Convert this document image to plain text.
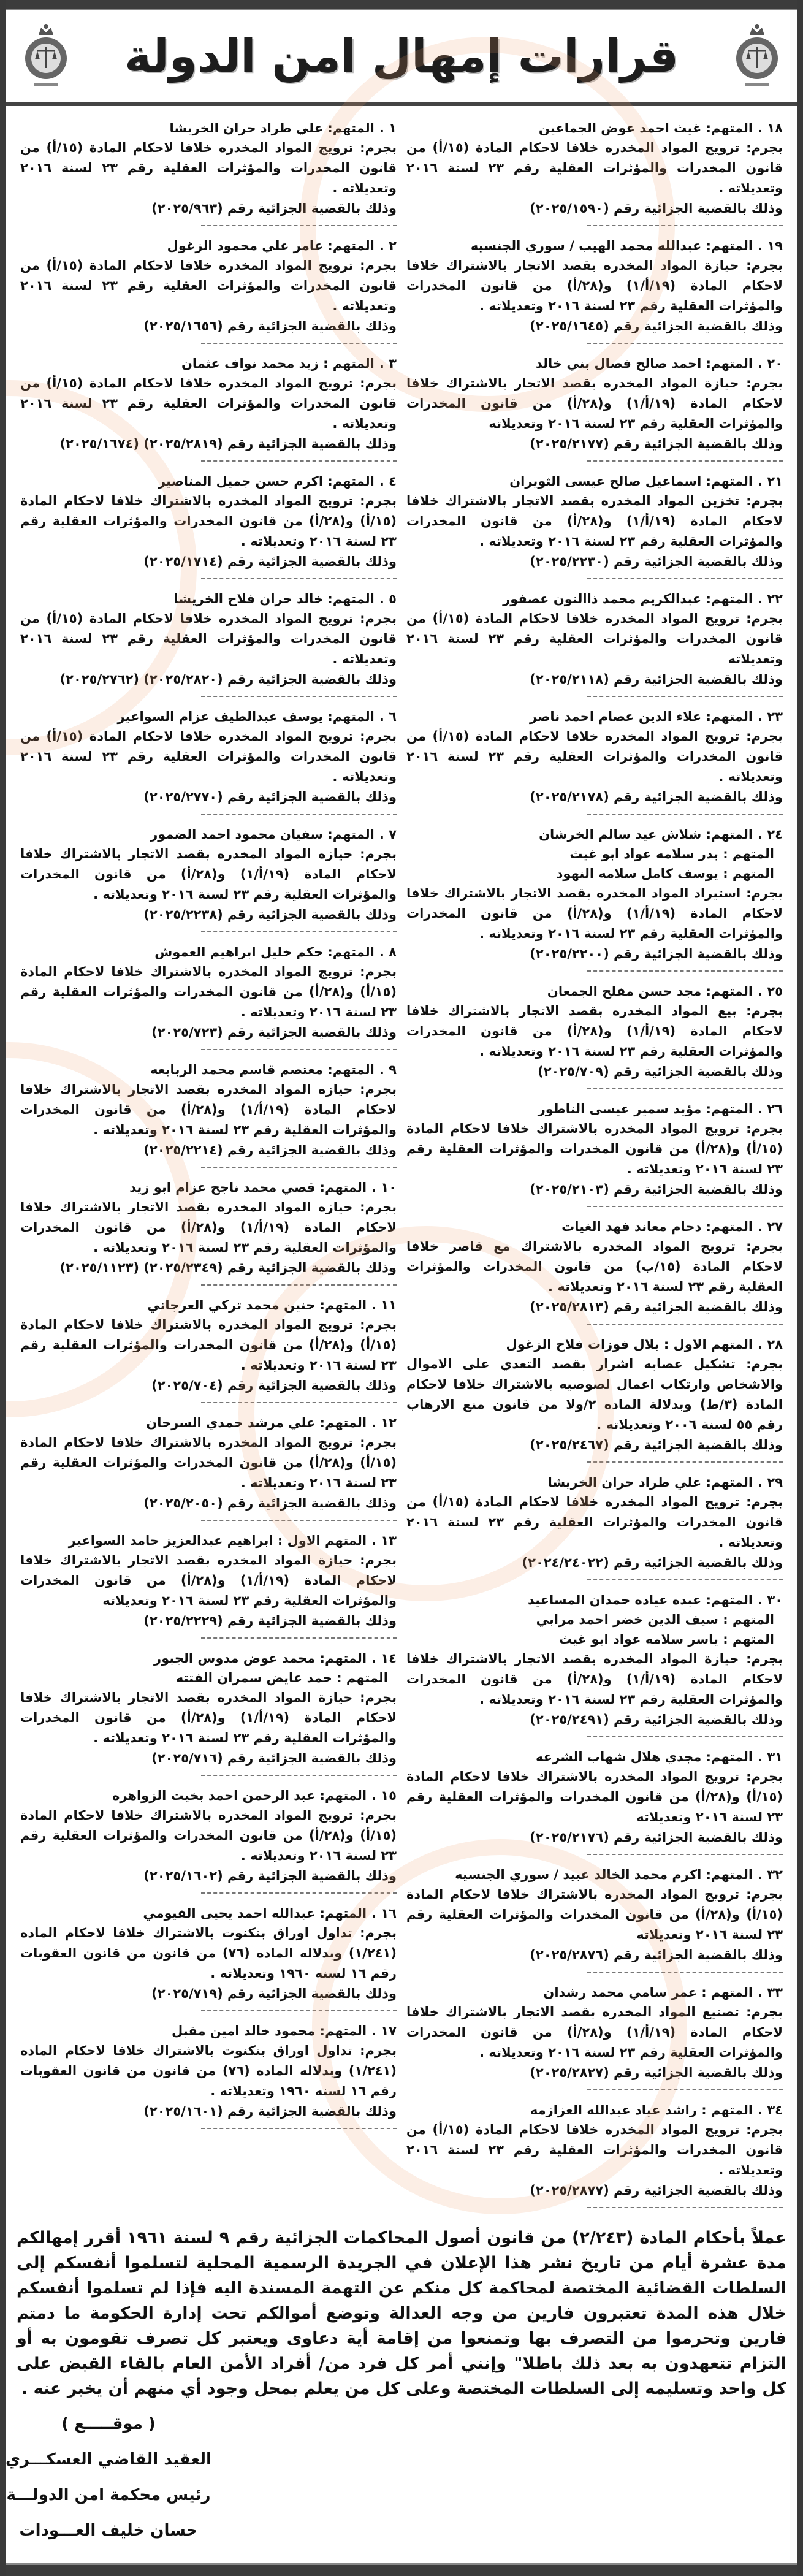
قرارات إمهال امن الدولة
١ .المتهم: علي طراد حران الخريشا
بجرم: ترويج المواد المخدره خلافا لاحكام المادة (١٥/أ) من قانون المخدرات والمؤثرات العقلية رقم ٢٣ لسنة ٢٠١٦ وتعديلاته .
وذلك بالقضية الجزائية رقم (٢٠٢٥/٩٦٣)
٢ .المتهم: عامر علي محمود الزغول
بجرم: ترويج المواد المخدره خلافا لاحكام المادة (١٥/أ) من قانون المخدرات والمؤثرات العقلية رقم ٢٣ لسنة ٢٠١٦ وتعديلاته .
وذلك بالقضية الجزائية رقم (٢٠٢٥/١٦٥٦)
٣ .المتهم : زيد محمد نواف عثمان
بجرم: ترويج المواد المخدره خلافا لاحكام المادة (١٥/أ) من قانون المخدرات والمؤثرات العقلية رقم ٢٣ لسنة ٢٠١٦ وتعديلاته .
وذلك بالقضية الجزائية رقم (٢٠٢٥/٢٨١٩) (٢٠٢٥/١٦٧٤)
٤ .المتهم: اكرم حسن جميل المناصير
بجرم: ترويج المواد المخدره بالاشتراك خلافا لاحكام المادة (١٥/أ) و(٢٨/أ) من قانون المخدرات والمؤثرات العقلية رقم ٢٣ لسنة ٢٠١٦ وتعديلاته .
وذلك بالقضية الجزائية رقم (٢٠٢٥/١٧١٤)
٥ .المتهم: خالد حران فلاح الخريشا
بجرم: ترويج المواد المخدره خلافا لاحكام المادة (١٥/أ) من قانون المخدرات والمؤثرات العقلية رقم ٢٣ لسنة ٢٠١٦ وتعديلاته .
وذلك بالقضية الجزائية رقم (٢٠٢٥/٢٨٢٠) (٢٠٢٥/٢٧٦٢)
٦ .المتهم: يوسف عبدالطيف عزام السواعير
بجرم: ترويج المواد المخدره خلافا لاحكام المادة (١٥/أ) من قانون المخدرات والمؤثرات العقلية رقم ٢٣ لسنة ٢٠١٦ وتعديلاته .
وذلك بالقضية الجزائية رقم (٢٠٢٥/٢٧٧٠)
٧ .المتهم: سفيان محمود احمد الضمور
بجرم: حيازه المواد المخدره بقصد الاتجار بالاشتراك خلافا لاحكام المادة (١٩/أ/١) و(٢٨/أ) من قانون المخدرات والمؤثرات العقلية رقم ٢٣ لسنة ٢٠١٦ وتعديلاته .
وذلك بالقضية الجزائية رقم (٢٠٢٥/٢٢٣٨)
٨ .المتهم: حكم خليل ابراهيم العموش
بجرم: ترويج المواد المخدره بالاشتراك خلافا لاحكام المادة (١٥/أ) و(٢٨/أ) من قانون المخدرات والمؤثرات العقلية رقم ٢٣ لسنة ٢٠١٦ وتعديلاته .
وذلك بالقضية الجزائية رقم (٢٠٢٥/٧٢٣)
٩ .المتهم: معتصم قاسم محمد الربابعه
بجرم: حيازه المواد المخدره بقصد الاتجار بالاشتراك خلافا لاحكام المادة (١٩/أ/١) و(٢٨/أ) من قانون المخدرات والمؤثرات العقلية رقم ٢٣ لسنة ٢٠١٦ وتعديلاته .
وذلك بالقضية الجزائية رقم (٢٠٢٥/٢٢١٤)
١٠ .المتهم: قصي محمد ناجح عزام ابو زيد
بجرم: حيازه المواد المخدره بقصد الاتجار بالاشتراك خلافا لاحكام المادة (١٩/أ/١) و(٢٨/أ) من قانون المخدرات والمؤثرات العقلية رقم ٢٣ لسنة ٢٠١٦ وتعديلاته .
وذلك بالقضية الجزائية رقم (٢٠٢٥/٢٣٤٩) (٢٠٢٥/١١٢٣)
١١ .المتهم: حنين محمد تركي العرجاني
بجرم: ترويج المواد المخدره بالاشتراك خلافا لاحكام المادة (١٥/أ) و(٢٨/أ) من قانون المخدرات والمؤثرات العقلية رقم ٢٣ لسنة ٢٠١٦ وتعديلاته .
وذلك بالقضية الجزائية رقم (٢٠٢٥/٧٠٤)
١٢ .المتهم: علي مرشد حمدي السرحان
بجرم: ترويج المواد المخدره بالاشتراك خلافا لاحكام المادة (١٥/أ) و(٢٨/أ) من قانون المخدرات والمؤثرات العقلية رقم ٢٣ لسنة ٢٠١٦ وتعديلاته .
وذلك بالقضية الجزائية رقم (٢٠٢٥/٢٠٥٠)
١٣ .المتهم الاول : ابراهيم عبدالعزيز حامد السواعير
بجرم: حيازة المواد المخدره بقصد الاتجار بالاشتراك خلافا لاحكام المادة (١٩/أ/١) و(٢٨/أ) من قانون المخدرات والمؤثرات العقلية رقم ٢٣ لسنة ٢٠١٦ وتعديلاته
وذلك بالقضية الجزائية رقم (٢٠٢٥/٢٢٢٩)
١٤ .المتهم: محمد عوض مدوس الجبور
المتهم : حمد عايض سمران الفتته
بجرم: حيازة المواد المخدره بقصد الاتجار بالاشتراك خلافا لاحكام المادة (١٩/أ/١) و(٢٨/أ) من قانون المخدرات والمؤثرات العقلية رقم ٢٣ لسنة ٢٠١٦ وتعديلاته .
وذلك بالقضية الجزائية رقم (٢٠٢٥/٧١٦)
١٥ .المتهم: عبد الرحمن احمد بخيت الزواهره
بجرم: ترويج المواد المخدره بالاشتراك خلافا لاحكام المادة (١٥/أ) و(٢٨/أ) من قانون المخدرات والمؤثرات العقلية رقم ٢٣ لسنة ٢٠١٦ وتعديلاته .
وذلك بالقضية الجزائية رقم (٢٠٢٥/١٦٠٢)
١٦ .المتهم: عبدالله احمد يحيى الفيومي
بجرم: تداول اوراق بنكنوت بالاشتراك خلافا لاحكام الماده (١/٢٤١) وبدلاله الماده (٧٦) من قانون من قانون العقوبات رقم ١٦ لسنه ١٩٦٠ وتعديلاته .
وذلك بالقضية الجزائية رقم (٢٠٢٥/٧١٩)
١٧ .المتهم: محمود خالد امين مقبل
بجرم: تداول اوراق بنكنوت بالاشتراك خلافا لاحكام الماده (١/٢٤١) وبدلاله الماده (٧٦) من قانون من قانون العقوبات رقم ١٦ لسنه ١٩٦٠ وتعديلاته .
وذلك بالقضية الجزائية رقم (٢٠٢٥/١٦٠١)
١٨ .المتهم: غيث احمد عوض الجماعين
بجرم: ترويج المواد المخدره خلافا لاحكام المادة (١٥/أ) من قانون المخدرات والمؤثرات العقلية رقم ٢٣ لسنة ٢٠١٦ وتعديلاته .
وذلك بالقضية الجزائية رقم (٢٠٢٥/١٥٩٠)
١٩ .المتهم: عبدالله محمد الهيب / سوري الجنسيه
بجرم: حيازة المواد المخدره بقصد الاتجار بالاشتراك خلافا لاحكام المادة (١٩/أ/١) و(٢٨/أ) من قانون المخدرات والمؤثرات العقلية رقم ٢٣ لسنة ٢٠١٦ وتعديلاته .
وذلك بالقضية الجزائية رقم (٢٠٢٥/١٦٤٥)
٢٠ .المتهم: احمد صالح فصال بني خالد
بجرم: حيازة المواد المخدره بقصد الاتجار بالاشتراك خلافا لاحكام المادة (١٩/أ/١) و(٢٨/أ) من قانون المخدرات والمؤثرات العقلية رقم ٢٣ لسنة ٢٠١٦ وتعديلاته
وذلك بالقضية الجزائية رقم (٢٠٢٥/٢١٧٧)
٢١ .المتهم: اسماعيل صالح عيسى الثويران
بجرم: تخزين المواد المخدره بقصد الاتجار بالاشتراك خلافا لاحكام المادة (١٩/أ/١) و(٢٨/أ) من قانون المخدرات والمؤثرات العقلية رقم ٢٣ لسنة ٢٠١٦ وتعديلاته .
وذلك بالقضية الجزائية رقم (٢٠٢٥/٢٢٣٠)
٢٢ .المتهم: عبدالكريم محمد ذاالنون عصفور
بجرم: ترويج المواد المخدره خلافا لاحكام المادة (١٥/أ) من قانون المخدرات والمؤثرات العقلية رقم ٢٣ لسنة ٢٠١٦ وتعديلاته
وذلك بالقضية الجزائية رقم (٢٠٢٥/٢١١٨)
٢٣ .المتهم: علاء الدين عصام احمد ناصر
بجرم: ترويج المواد المخدره خلافا لاحكام المادة (١٥/أ) من قانون المخدرات والمؤثرات العقلية رقم ٢٣ لسنة ٢٠١٦ وتعديلاته .
وذلك بالقضية الجزائية رقم (٢٠٢٥/٢١٧٨)
٢٤ .المتهم: شلاش عيد سالم الخرشان
المتهم : بدر سلامه عواد ابو غيث
المتهم : يوسف كامل سلامه النهود
بجرم: استيراد المواد المخدره بقصد الاتجار بالاشتراك خلافا لاحكام المادة (١٩/أ/١) و(٢٨/أ) من قانون المخدرات والمؤثرات العقلية رقم ٢٣ لسنة ٢٠١٦ وتعديلاته .
وذلك بالقضية الجزائية رقم (٢٠٢٥/٢٢٠٠)
٢٥ .المتهم: مجد حسن مفلح الجمعان
بجرم: بيع المواد المخدره بقصد الاتجار بالاشتراك خلافا لاحكام المادة (١٩/أ/١) و(٢٨/أ) من قانون المخدرات والمؤثرات العقلية رقم ٢٣ لسنة ٢٠١٦ وتعديلاته .
وذلك بالقضية الجزائية رقم (٢٠٢٥/٧٠٩)
٢٦ .المتهم: مؤيد سمير عيسى الناطور
بجرم: ترويج المواد المخدره بالاشتراك خلافا لاحكام المادة (١٥/أ) و(٢٨/أ) من قانون المخدرات والمؤثرات العقلية رقم ٢٣ لسنة ٢٠١٦ وتعديلاته .
وذلك بالقضية الجزائية رقم (٢٠٢٥/٢١٠٣)
٢٧ .المتهم: دحام معاند فهد الغيات
بجرم: ترويج المواد المخدره بالاشتراك مع قاصر خلافا لاحكام المادة (١٥/ب) من قانون المخدرات والمؤثرات العقلية رقم ٢٣ لسنة ٢٠١٦ وتعديلاته .
وذلك بالقضية الجزائية رقم (٢٠٢٥/٢٨١٣)
٢٨ .المتهم الاول : بلال فوزات فلاح الزغول
بجرم: تشكيل عصابه اشرار بقصد التعدي على الاموال والاشخاص وارتكاب اعمال لصوصيه بالاشتراك خلافا لاحكام المادة (٣/ط) وبدلالة الماده ٢/ولا من قانون منع الارهاب رقم ٥٥ لسنة ٢٠٠٦ وتعديلاته .
وذلك بالقضية الجزائية رقم (٢٠٢٥/٢٤٦٧)
٢٩ .المتهم: علي طراد حران الخريشا
بجرم: ترويج المواد المخدره خلافا لاحكام المادة (١٥/أ) من قانون المخدرات والمؤثرات العقلية رقم ٢٣ لسنة ٢٠١٦ وتعديلاته .
وذلك بالقضية الجزائية رقم (٢٠٢٤/٢٤٠٢٢)
٣٠ .المتهم: عبده عياده حمدان المساعيد
المتهم : سيف الدين خضر احمد مرابي
المتهم : ياسر سلامه عواد ابو غيث
بجرم: حيازة المواد المخدره بقصد الاتجار بالاشتراك خلافا لاحكام المادة (١٩/أ/١) و(٢٨/أ) من قانون المخدرات والمؤثرات العقلية رقم ٢٣ لسنة ٢٠١٦ وتعديلاته .
وذلك بالقضية الجزائية رقم (٢٠٢٥/٢٤٩١)
٣١ .المتهم: مجدي هلال شهاب الشرعه
بجرم: ترويج المواد المخدره بالاشتراك خلافا لاحكام المادة (١٥/أ) و(٢٨/أ) من قانون المخدرات والمؤثرات العقلية رقم ٢٣ لسنة ٢٠١٦ وتعديلاته
وذلك بالقضية الجزائية رقم (٢٠٢٥/٢١٧٦)
٣٢ .المتهم: اكرم محمد الخالد عبيد / سوري الجنسيه
بجرم: ترويج المواد المخدره بالاشتراك خلافا لاحكام المادة (١٥/أ) و(٢٨/أ) من قانون المخدرات والمؤثرات العقلية رقم ٢٣ لسنة ٢٠١٦ وتعديلاته
وذلك بالقضية الجزائية رقم (٢٠٢٥/٢٨٧٦)
٣٣ .المتهم : عمر سامي محمد رشدان
بجرم: تصنيع المواد المخدره بقصد الاتجار بالاشتراك خلافا لاحكام المادة (١٩/أ/١) و(٢٨/أ) من قانون المخدرات والمؤثرات العقلية رقم ٢٣ لسنة ٢٠١٦ وتعديلاته .
وذلك بالقضية الجزائية رقم (٢٠٢٥/٢٨٢٧)
٣٤ .المتهم : راشد عياد عبدالله العزازمه
بجرم: ترويج المواد المخدره خلافا لاحكام المادة (١٥/أ) من قانون المخدرات والمؤثرات العقلية رقم ٢٣ لسنة ٢٠١٦ وتعديلاته .
وذلك بالقضية الجزائية رقم (٢٠٢٥/٢٨٧٧)
عملاً بأحكام المادة (٢/٢٤٣) من قانون أصول المحاكمات الجزائية رقم ٩ لسنة ١٩٦١ أقرر إمهالكم مدة عشرة أيام من تاريخ نشر هذا الإعلان في الجريدة الرسمية المحلية لتسلموا أنفسكم إلى السلطات القضائية المختصة لمحاكمة كل منكم عن التهمة المسندة اليه فإذا لم تسلموا أنفسكم خلال هذه المدة تعتبرون فارين من وجه العدالة وتوضع أموالكم تحت إدارة الحكومة ما دمتم فارين وتحرموا من التصرف بها وتمنعوا من إقامة أية دعاوى ويعتبر كل تصرف تقومون به أو التزام تتعهدون به بعد ذلك باطلا" وإنني أمر كل فرد من/ أفراد الأمن العام بالقاء القبض على كل واحد وتسليمه إلى السلطات المختصة وعلى كل من يعلم بمحل وجود أي منهم أن يخبر عنه .
( موقـــــع )
العقيد القاضي العسكـــري
رئيس محكمة امن الدولـــة
حسان خليف العـــودات
